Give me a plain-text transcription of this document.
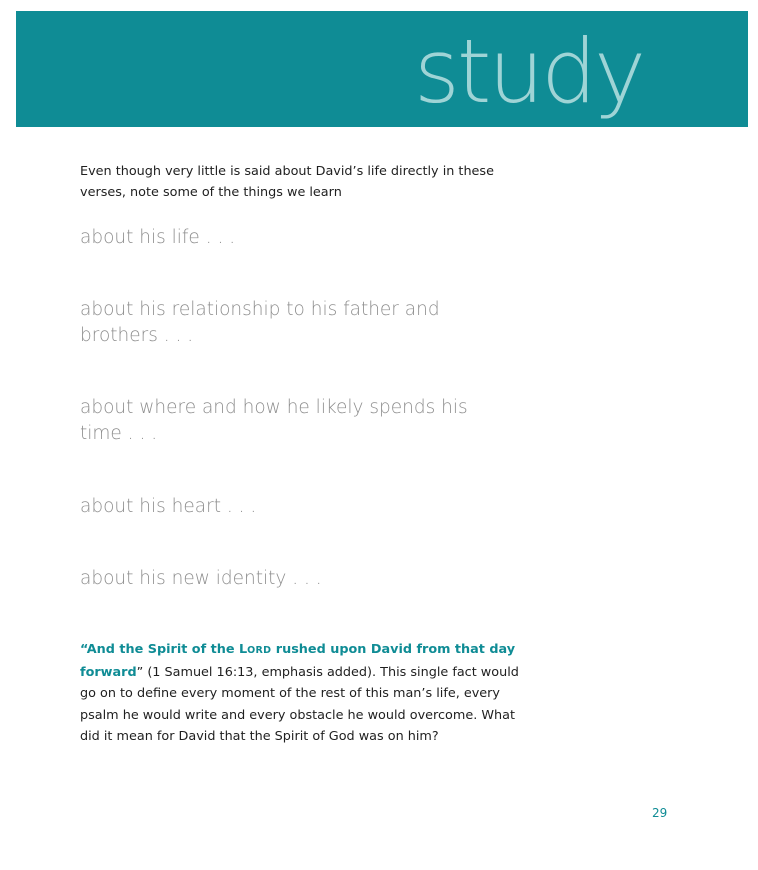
study
Even though very little is said about David’s life directly in these verses, note some of the things we learn
about his life . . .
about his relationship to his father and brothers . . .
about where and how he likely spends his time . . .
about his heart . . .
about his new identity . . .
“And the Spirit of the LORD rushed upon David from that day forward” (1 Samuel 16:13, emphasis added). This single fact would go on to define every moment of the rest of this man’s life, every psalm he would write and every obstacle he would overcome. What did it mean for David that the Spirit of God was on him?
29
